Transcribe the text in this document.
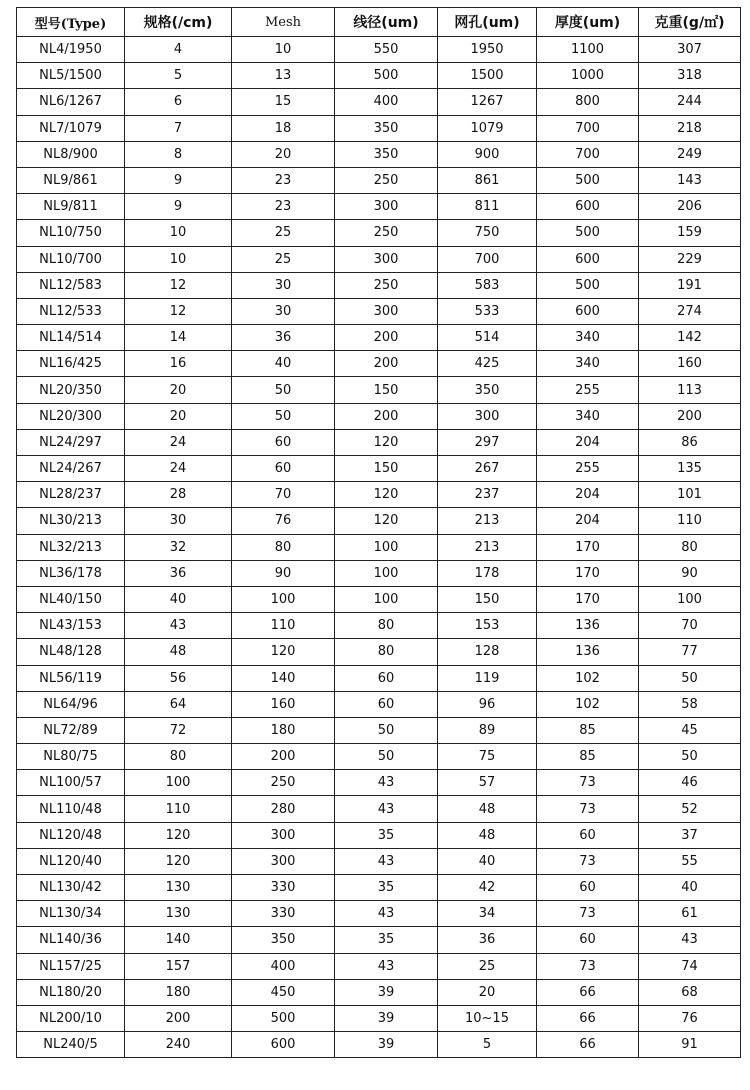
型号(Type)	规格(/cm)	Mesh	线径(um)	网孔(um)	厚度(um)	克重(g/㎡)
NL4/1950	4	10	550	1950	1100	307
NL5/1500	5	13	500	1500	1000	318
NL6/1267	6	15	400	1267	800	244
NL7/1079	7	18	350	1079	700	218
NL8/900	8	20	350	900	700	249
NL9/861	9	23	250	861	500	143
NL9/811	9	23	300	811	600	206
NL10/750	10	25	250	750	500	159
NL10/700	10	25	300	700	600	229
NL12/583	12	30	250	583	500	191
NL12/533	12	30	300	533	600	274
NL14/514	14	36	200	514	340	142
NL16/425	16	40	200	425	340	160
NL20/350	20	50	150	350	255	113
NL20/300	20	50	200	300	340	200
NL24/297	24	60	120	297	204	86
NL24/267	24	60	150	267	255	135
NL28/237	28	70	120	237	204	101
NL30/213	30	76	120	213	204	110
NL32/213	32	80	100	213	170	80
NL36/178	36	90	100	178	170	90
NL40/150	40	100	100	150	170	100
NL43/153	43	110	80	153	136	70
NL48/128	48	120	80	128	136	77
NL56/119	56	140	60	119	102	50
NL64/96	64	160	60	96	102	58
NL72/89	72	180	50	89	85	45
NL80/75	80	200	50	75	85	50
NL100/57	100	250	43	57	73	46
NL110/48	110	280	43	48	73	52
NL120/48	120	300	35	48	60	37
NL120/40	120	300	43	40	73	55
NL130/42	130	330	35	42	60	40
NL130/34	130	330	43	34	73	61
NL140/36	140	350	35	36	60	43
NL157/25	157	400	43	25	73	74
NL180/20	180	450	39	20	66	68
NL200/10	200	500	39	10~15	66	76
NL240/5	240	600	39	5	66	91
